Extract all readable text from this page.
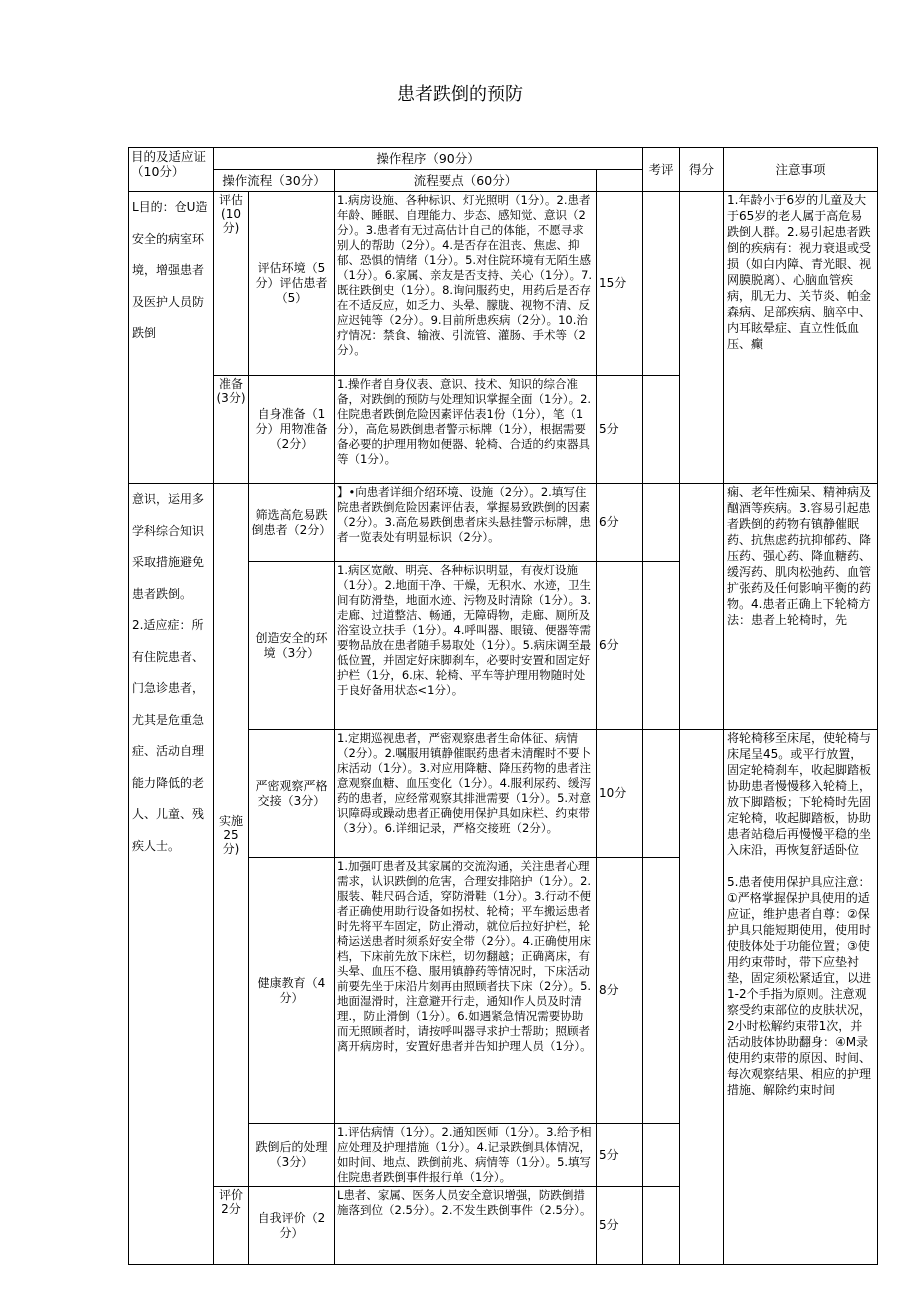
患者跌倒的预防
目的及适应证（10分）	操作程序（90分）				考评	得分	注意事项
	操作流程（30分）		流程要点（60分）				
L目的：仓U造安全的病室环境，增强患者及医护人员防跌倒	评估(10分)	评估环境（5分）评估患者（5）	1.病房设施、各种标识、灯光照明（1分）。2.患者年龄、睡眠、自理能力、步态、感知觉、意识（2分）。3.患者有无过高估计自己的体能，不愿寻求别人的帮助（2分）。4.是否存在沮丧、焦虑、抑郁、恐惧的情绪（1分）。5.对住院环境有无陌生感（1分）。6.家属、亲友是否支持、关心（1分）。7.既往跌倒史（1分）。8.询问服药史，用药后是否存在不适反应，如乏力、头晕、朦胧、视物不清、反应迟钝等（2分）。9.目前所患疾病（2分）。10.治疗情况：禁食、输液、引流管、灌肠、手术等（2分）。	15分			1.年龄小于6岁的儿童及大于65岁的老人属于高危易跌倒人群。2.易引起患者跌倒的疾病有：视力衰退或受损（如白内障、青光眼、视网膜脱离）、心脑血管疾病，肌无力、关节炎、帕金森病、足部疾病、脑卒中、内耳眩晕症、直立性低血压、癫
	准备(3分)	自身准备（1分）用物准备（2分）	1.操作者自身仪表、意识、技术、知识的综合准备，对跌倒的预防与处理知识掌握全面（1分）。2.住院患者跌倒危险因素评估表1份（1分），笔（1分），高危易跌倒患者警示标牌（1分），根据需要备必要的护理用物如便器、轮椅、合适的约束器具等（1分）。	5分			

意识，运用多学科综合知识采取措施避免患者跌倒。
2.适应症：所有住院患者、门急诊患者，尤其是危重急症、活动自理能力降低的老人、儿童、残疾人士。	实施25分)	筛选高危易跌倒患者（2分）	】•向患者详细介绍环境、设施（2分）。2.填写住院患者跌倒危险因素评估表，掌握易致跌倒的因素（2分）。3.高危易跌倒患者床头悬挂警示标牌，患者一览表处有明显标识（2分）。	6分			痫、老年性痴呆、精神病及酗酒等疾病。3.容易引起患者跌倒的药物有镇静催眠药、抗焦虑药抗抑郁药、降压药、强心药、降血糖药、缓泻药、肌肉松弛药、血管扩张药及任何影响平衡的药物。4.患者正确上下轮椅方法：患者上轮椅时，先
		创造安全的环境（3分）	1.病区宽敞、明亮、各种标识明显，有夜灯设施（1分）。2.地面干净、干燥，无积水、水迹，卫生间有防滑垫，地面水迹、污物及时清除（1分）。3.走廊、过道整洁、畅通，无障碍物，走廊、厕所及浴室设立扶手（1分）。4.呼叫器、眼镜、便器等需要物品放在患者随手易取处（1分）。5.病床调至最低位置，并固定好床脚刹车，必要时安置和固定好护栏（1分，6.床、轮椅、平车等护理用物随时处于良好备用状态<1分）。	6分			
		严密观察严格交接（3分）	1.定期巡视患者，严密观察患者生命体征、病情（2分）。2.嘱服用镇静催眠药患者未清醒时不要卜床活动（1分）。3.对应用降糖、降压药物的患者注意观察血糖、血压变化（1分）。4.服利尿药、缓泻药的患者，应经常观察其排泄需要（1分）。5.对意识障碍或躁动患者正确使用保护具如床栏、约束带（3分）。6.详细记录，严格交接班（2分）。	10分			将轮椅移至床尾，使轮椅与床尾呈45。或平行放置，固定轮椅刹车，收起脚踏板协助患者慢慢移入轮椅上，放下脚踏板；下轮椅时先固定轮椅，收起脚踏板，协助患者站稳后再慢慢平稳的坐入床沿，再恢复舒适卧位
5.患者使用保护具应注意：①严格掌握保护具使用的适应证，维护患者自尊：②保护具只能短期使用，使用时使肢体处于功能位置；③使用约束带时，带下应垫衬垫，固定须松紧适宜，以进1-2个手指为原则。注意观察受约束部位的皮肤状况，2小时松解约束带1次，并活动肢体协助翻身：④M录使用约束带的原因、时间、每次观察结果、相应的护理措施、解除约束时间

		健康教育（4分）	1.加强叮患者及其家属的交流沟通，关注患者心理需求，认识跌倒的危害，合理安排陪护（1分）。2.服装、鞋尺码合适，穿防滑鞋（1分）。3.行动不便者正确使用助行设备如拐杖、轮椅；平车搬运患者时先将平车固定，防止滑动，就位后拉好护栏，轮椅运送患者时须系好安全带（2分）。4.正确使用床档，下床前先放下床栏，切勿翻越；正确离床，有头晕、血压不稳、服用镇静药等情况时，下床活动前要先坐于床沿片刻再由照顾者扶下床（2分）。5.地面湿滑时，注意避开行走，通知I作人员及时清理.，防止滑倒（1分）。6.如遇紧急情况需要协助而无照顾者时，请按呼叫器寻求护士帮助；照顾者离开病房时，安置好患者并告知护理人员（1分）。	8分			
		跌倒后的处理（3分）	1.评估病情（1分）。2.通知医师（1分）。3.给予相应处理及护理措施（1分）。4.记录跌倒具体情况，如时间、地点、跌倒前兆、病情等（1分）。5.填写住院患者跌倒事件报行单（1分）。	5分			
	评价2分	自我评价（2分）	L患者、家属、医务人员安全意识增强，防跌倒措施落到位（2.5分）。2.不发生跌倒事件（2.5分）。	5分			
